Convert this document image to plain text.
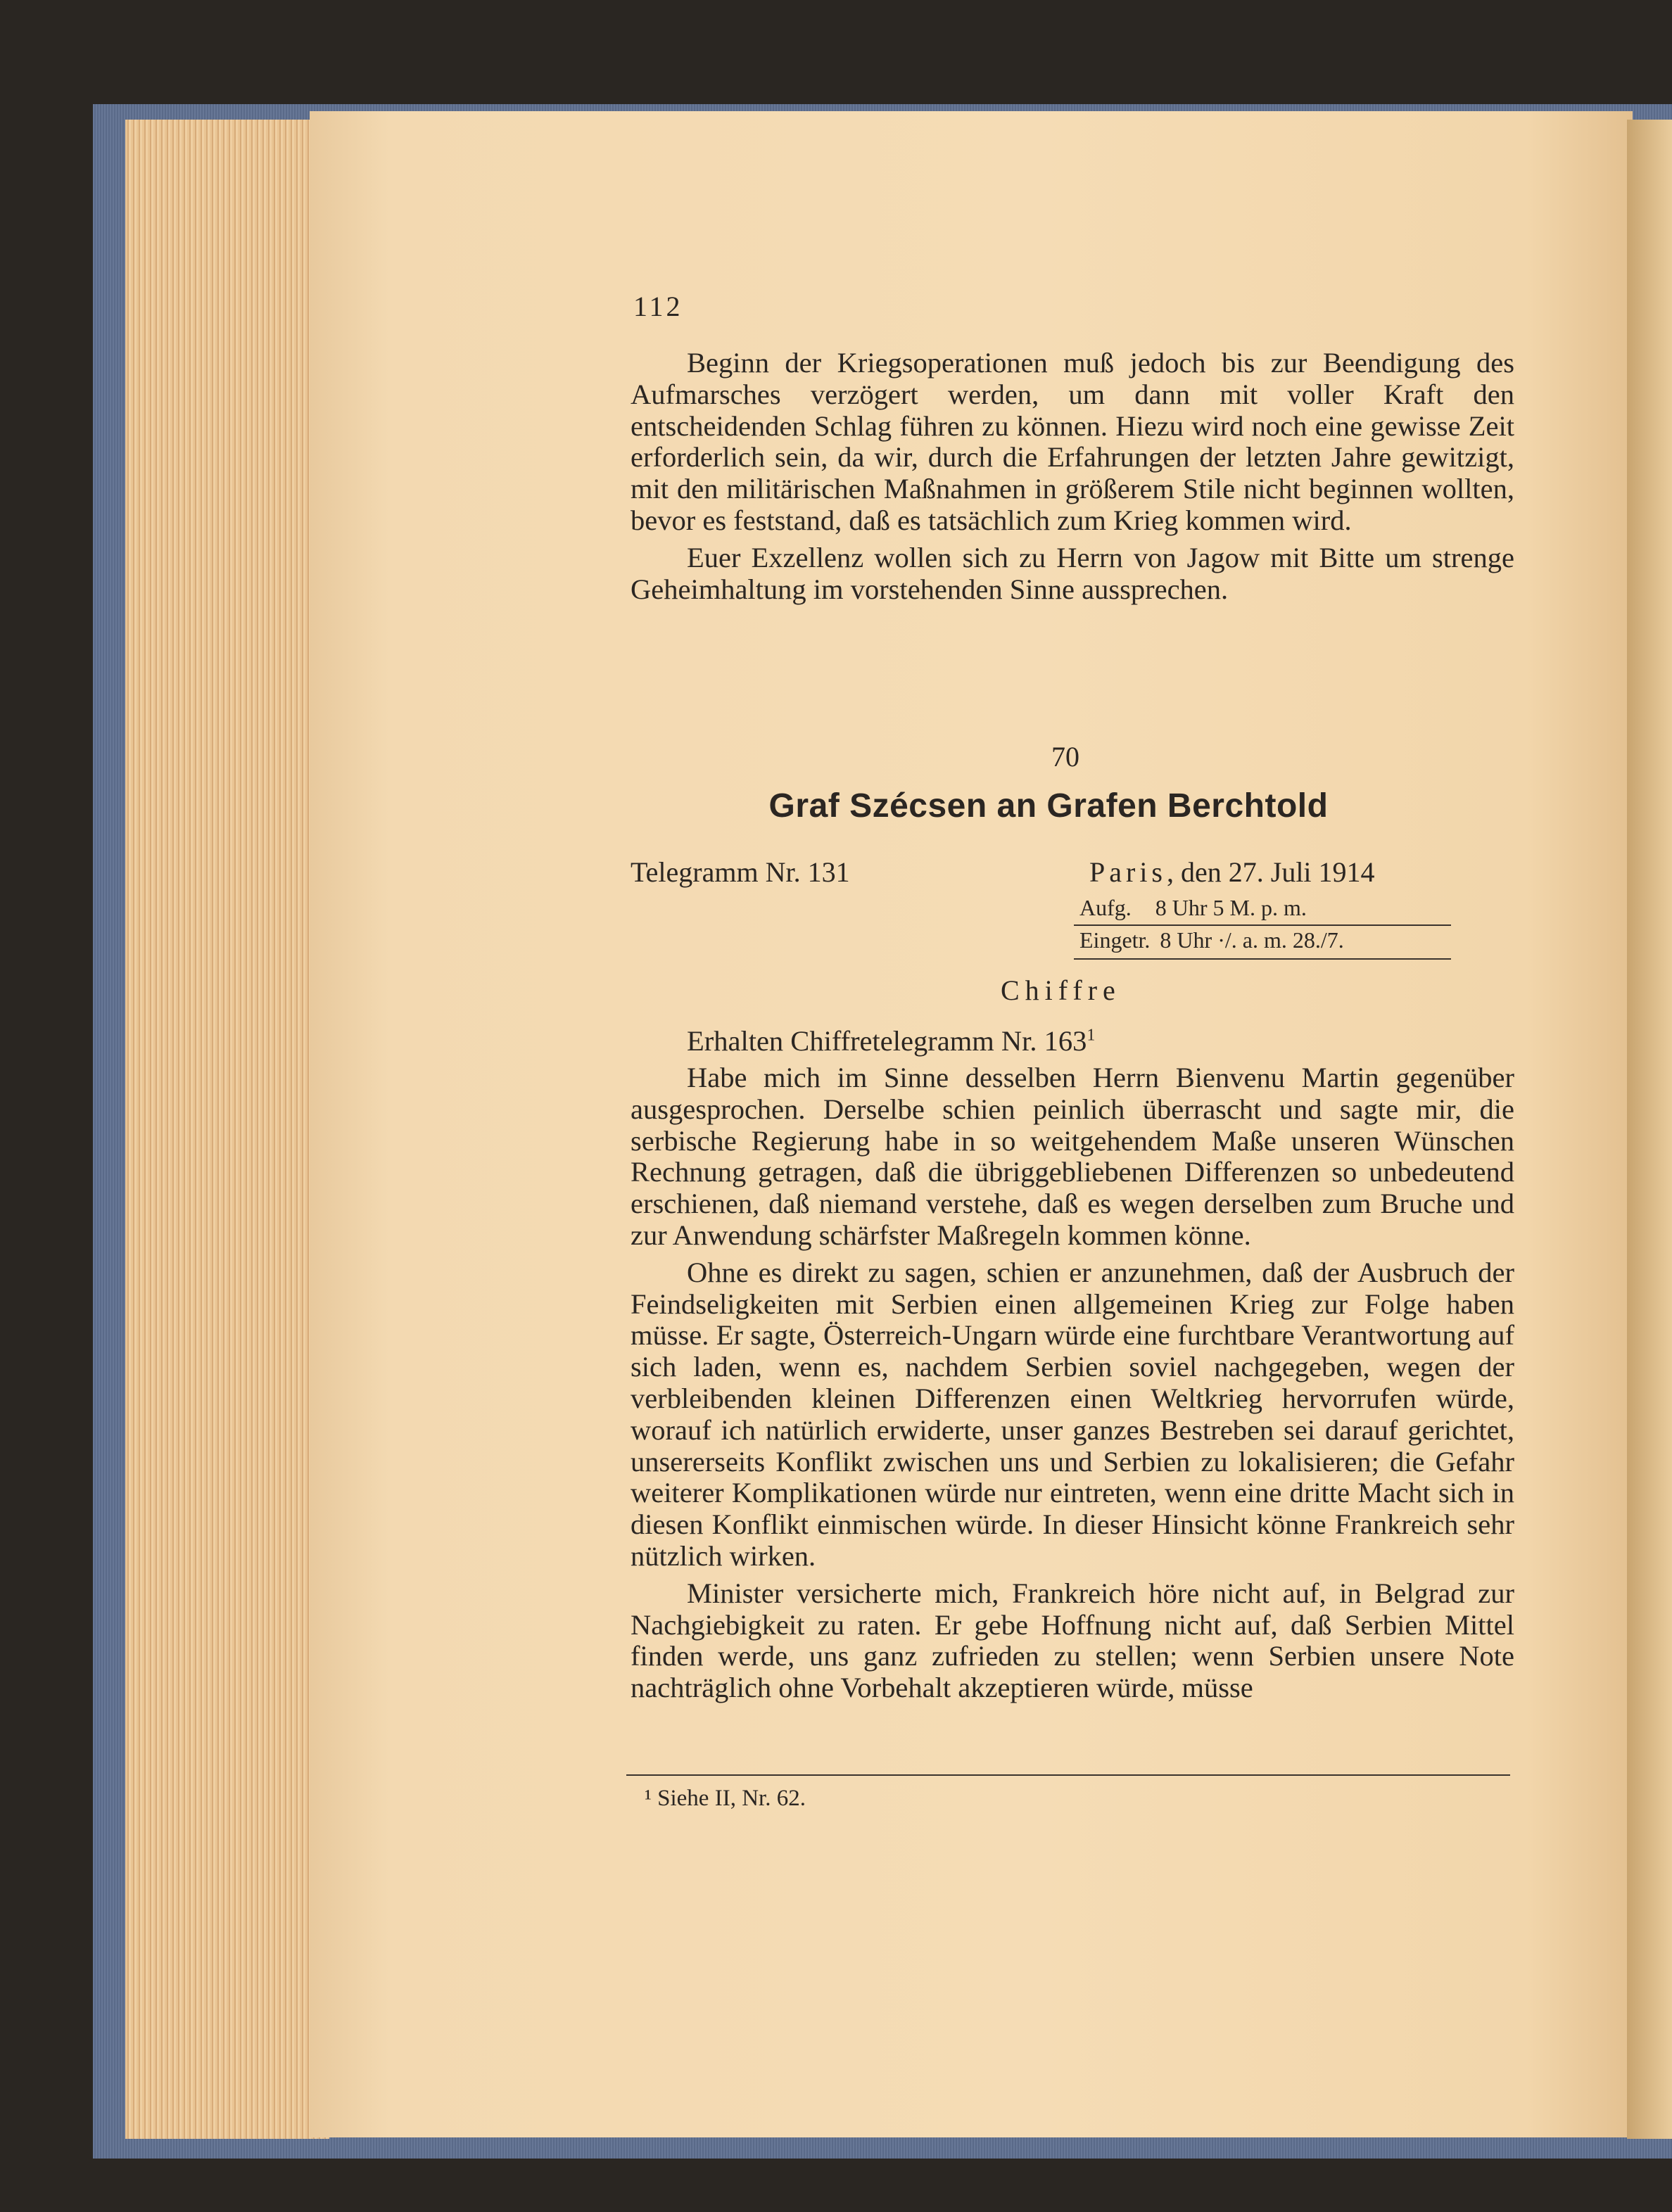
112

Beginn der Kriegsoperationen muß jedoch bis zur Beendigung des Aufmarsches verzögert werden, um dann mit voller Kraft den entscheidenden Schlag führen zu können. Hiezu wird noch eine gewisse Zeit erforderlich sein, da wir, durch die Erfahrungen der letzten Jahre gewitzigt, mit den militärischen Maßnahmen in größerem Stile nicht beginnen wollten, bevor es feststand, daß es tatsächlich zum Krieg kommen wird.

Euer Exzellenz wollen sich zu Herrn von Jagow mit Bitte um strenge Geheimhaltung im vorstehenden Sinne aussprechen.

70
Graf Szécsen an Grafen Berchtold
Telegramm Nr. 131	Paris, den 27. Juli 1914
Aufg. 8 Uhr 5 M. p. m.
Eingetr. 8 Uhr ·/. a. m. 28./7.
Chiffre
Erhalten Chiffretelegramm Nr. $163^1$

Habe mich im Sinne desselben Herrn Bienvenu Martin gegenüber ausgesprochen. Derselbe schien peinlich überrascht und sagte mir, die serbische Regierung habe in so weitgehendem Maße unseren Wünschen Rechnung getragen, daß die übriggebliebenen Differenzen so unbedeutend erschienen, daß niemand verstehe, daß es wegen derselben zum Bruche und zur Anwendung schärfster Maßregeln kommen könne.

Ohne es direkt zu sagen, schien er anzunehmen, daß der Ausbruch der Feindseligkeiten mit Serbien einen allgemeinen Krieg zur Folge haben müsse. Er sagte, Österreich-Ungarn würde eine furchtbare Verantwortung auf sich laden, wenn es, nachdem Serbien soviel nachgegeben, wegen der verbleibenden kleinen Differenzen einen Weltkrieg hervorrufen würde, worauf ich natürlich erwiderte, unser ganzes Bestreben sei darauf gerichtet, unsererseits Konflikt zwischen uns und Serbien zu lokalisieren; die Gefahr weiterer Komplikationen würde nur eintreten, wenn eine dritte Macht sich in diesen Konflikt einmischen würde. In dieser Hinsicht könne Frankreich sehr nützlich wirken.

Minister versicherte mich, Frankreich höre nicht auf, in Belgrad zur Nachgiebigkeit zu raten. Er gebe Hoffnung nicht auf, daß Serbien Mittel finden werde, uns ganz zufrieden zu stellen; wenn Serbien unsere Note nachträglich ohne Vorbehalt akzeptieren würde, müsse

¹ Siehe II, Nr. 62.
